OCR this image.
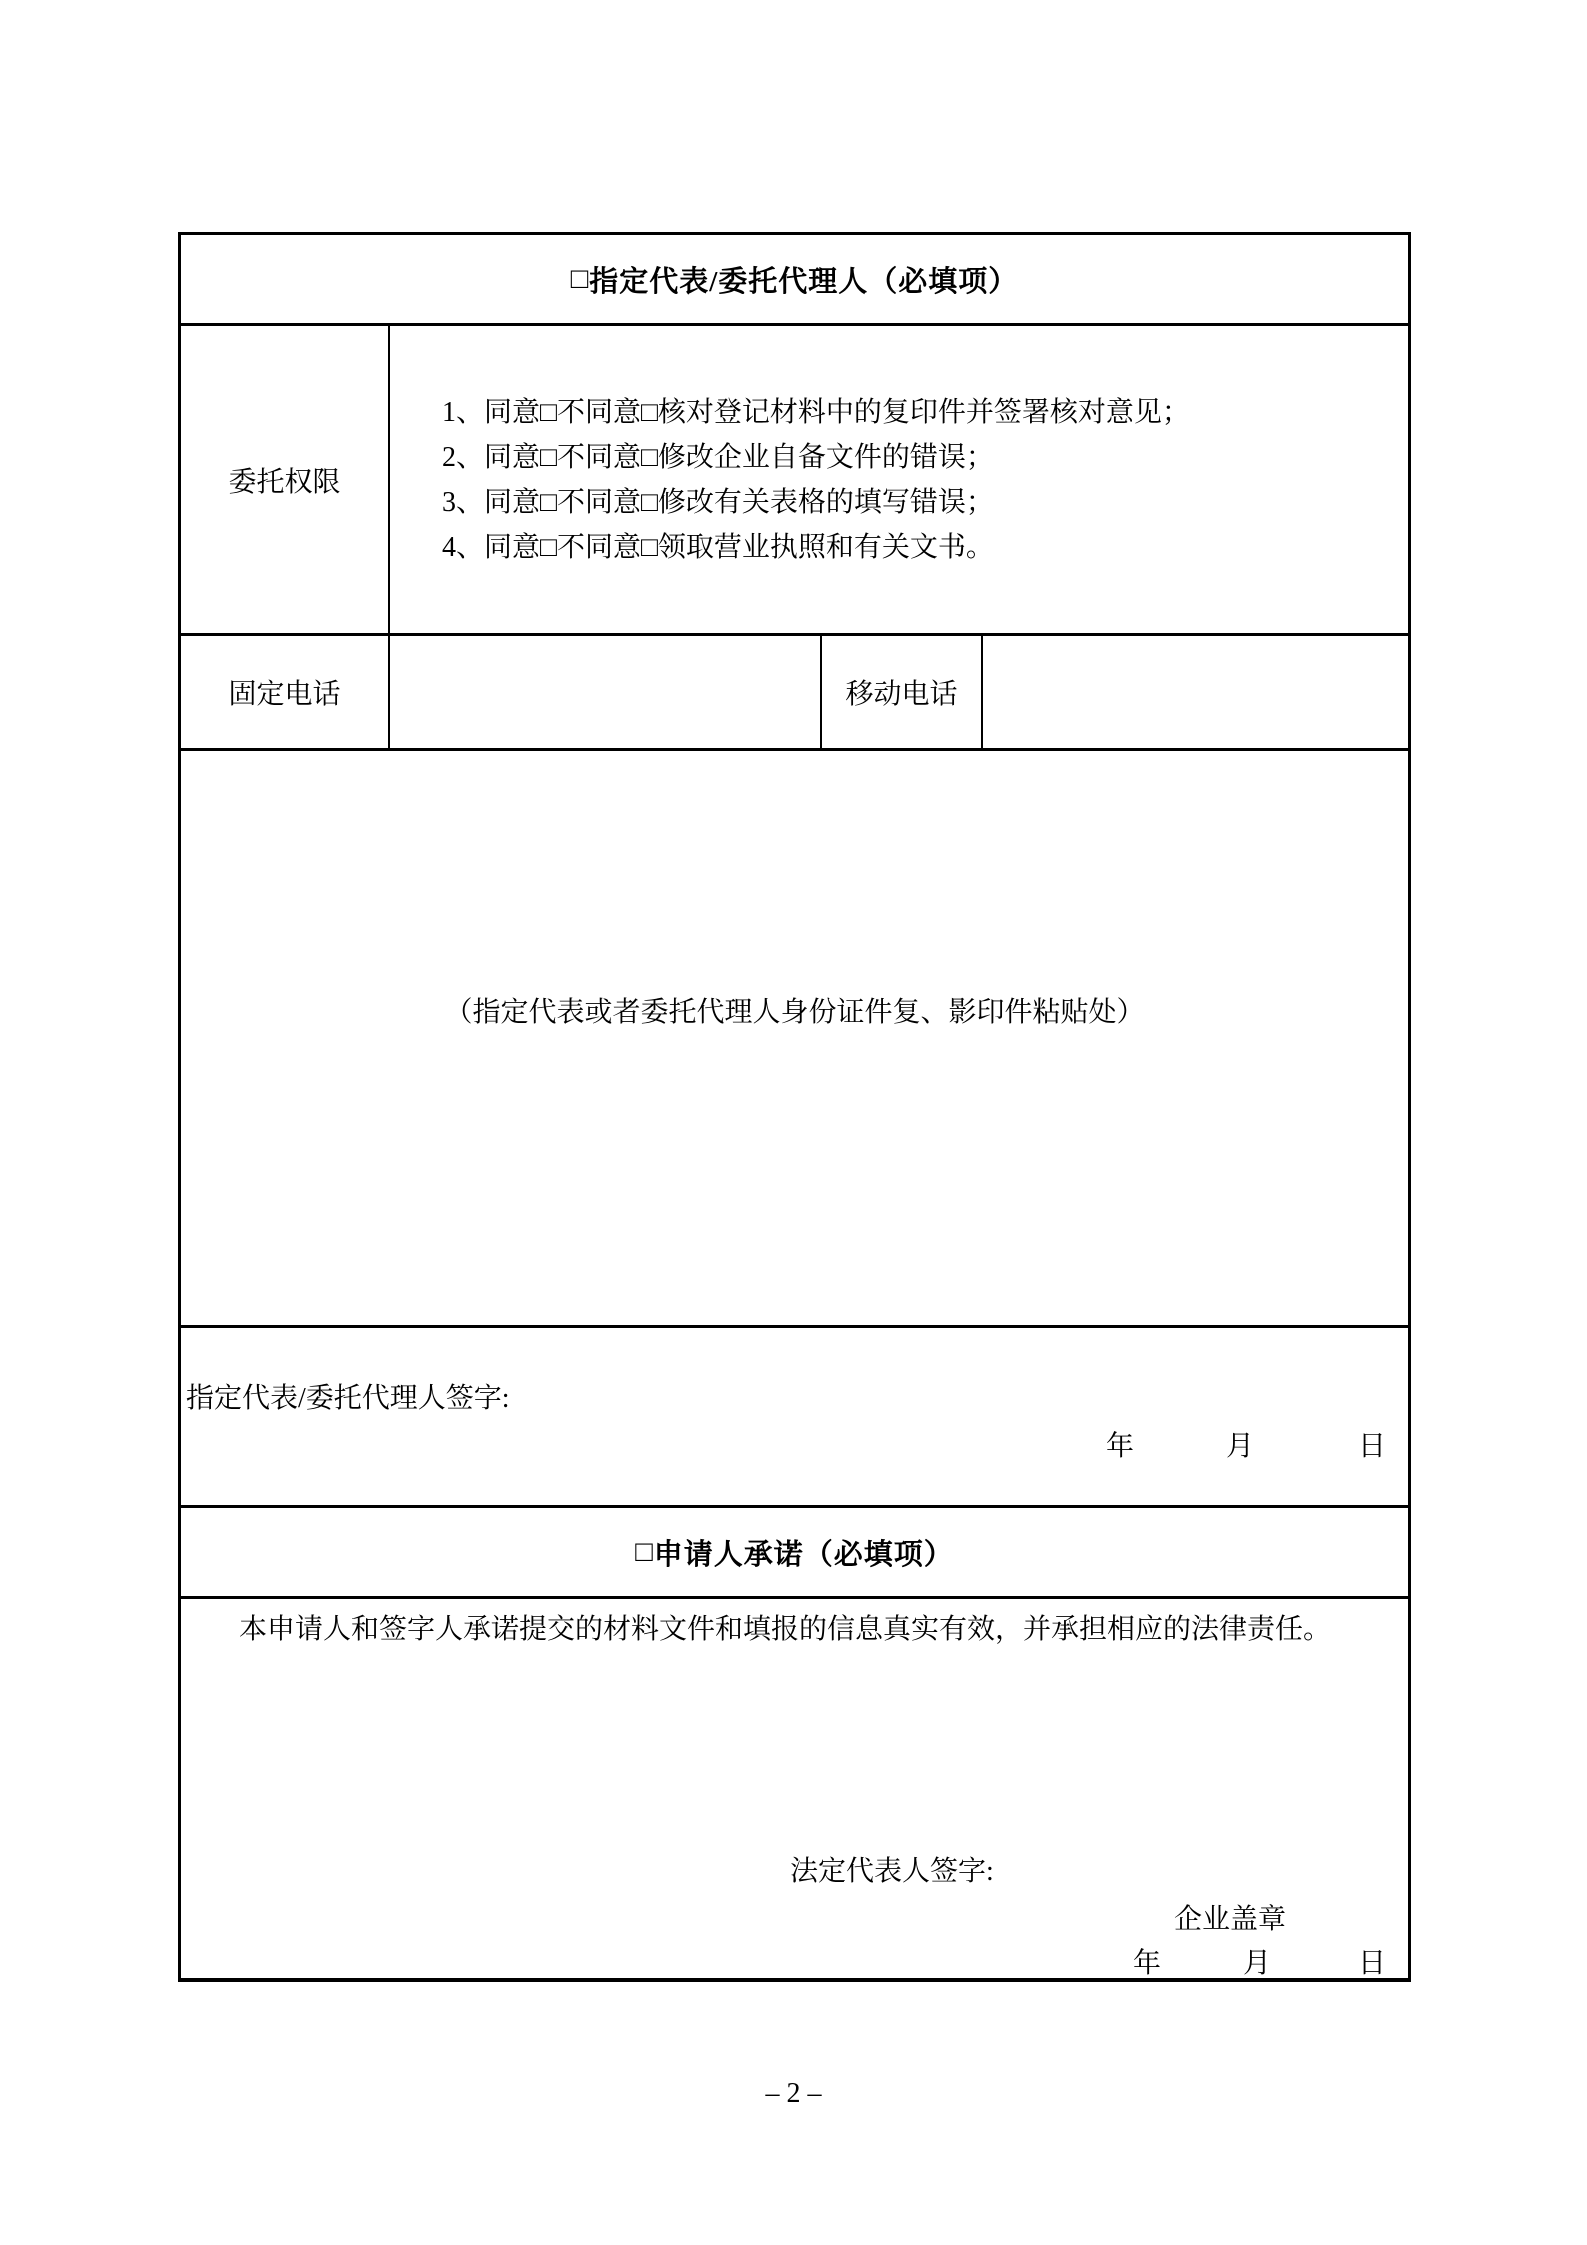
□ 指定代表/委托代理人（必填项）
委托权限
1、同意□不同意□核对登记材料中的复印件并签署核对意见；
2、同意□不同意□修改企业自备文件的错误；
3、同意□不同意□修改有关表格的填写错误；
4、同意□不同意□领取营业执照和有关文书。
固定电话	移动电话
（指定代表或者委托代理人身份证件复、影印件粘贴处）
指定代表/委托代理人签字:
年	月	日
□ 申请人承诺（必填项）
本申请人和签字人承诺提交的材料文件和填报的信息真实有效，并承担相应的法律责任。
法定代表人签字:
企业盖章
年	月	日
– 2 –
